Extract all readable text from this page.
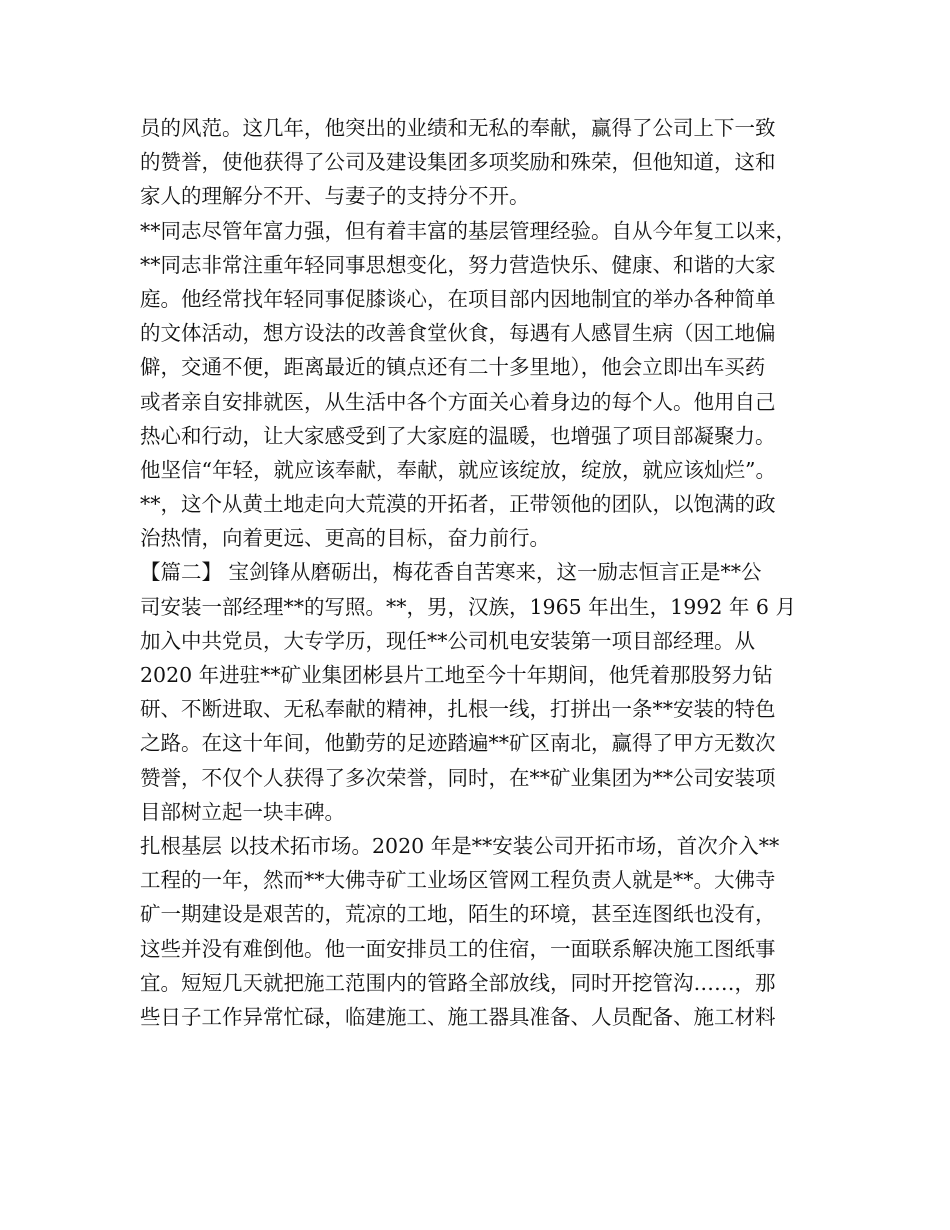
员的风范。这几年，他突出的业绩和无私的奉献，赢得了公司上下一致
的赞誉，使他获得了公司及建设集团多项奖励和殊荣，但他知道，这和
家人的理解分不开、与妻子的支持分不开。
**同志尽管年富力强，但有着丰富的基层管理经验。自从今年复工以来，
**同志非常注重年轻同事思想变化，努力营造快乐、健康、和谐的大家
庭。他经常找年轻同事促膝谈心，在项目部内因地制宜的举办各种简单
的文体活动，想方设法的改善食堂伙食，每遇有人感冒生病（因工地偏
僻，交通不便，距离最近的镇点还有二十多里地），他会立即出车买药
或者亲自安排就医，从生活中各个方面关心着身边的每个人。他用自己
热心和行动，让大家感受到了大家庭的温暖，也增强了项目部凝聚力。
他坚信“年轻，就应该奉献，奉献，就应该绽放，绽放，就应该灿烂”。
**，这个从黄土地走向大荒漠的开拓者，正带领他的团队，以饱满的政
治热情，向着更远、更高的目标，奋力前行。
【篇二】 宝剑锋从磨砺出，梅花香自苦寒来，这一励志恒言正是**公
司安装一部经理**的写照。**，男，汉族，1965 年出生，1992 年 6 月
加入中共党员，大专学历，现任**公司机电安装第一项目部经理。从
2020 年进驻**矿业集团彬县片工地至今十年期间，他凭着那股努力钻
研、不断进取、无私奉献的精神，扎根一线，打拼出一条**安装的特色
之路。在这十年间，他勤劳的足迹踏遍**矿区南北，赢得了甲方无数次
赞誉，不仅个人获得了多次荣誉，同时，在**矿业集团为**公司安装项
目部树立起一块丰碑。
扎根基层 以技术拓市场。2020 年是**安装公司开拓市场，首次介入**
工程的一年，然而**大佛寺矿工业场区管网工程负责人就是**。大佛寺
矿一期建设是艰苦的，荒凉的工地，陌生的环境，甚至连图纸也没有，
这些并没有难倒他。他一面安排员工的住宿，一面联系解决施工图纸事
宜。短短几天就把施工范围内的管路全部放线，同时开挖管沟……，那
些日子工作异常忙碌，临建施工、施工器具准备、人员配备、施工材料
